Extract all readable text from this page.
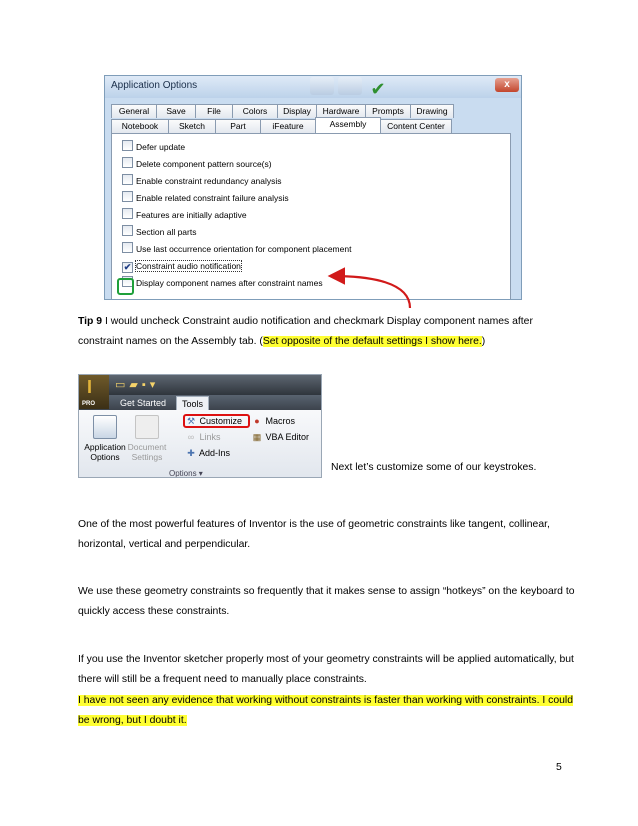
Application Options	✔	x
General	Save	File	Colors	Display	Hardware	Prompts	Drawing
Notebook	Sketch	Part	iFeature	Assembly	Content Center
Defer update
Delete component pattern source(s)
Enable constraint redundancy analysis
Enable related constraint failure analysis
Features are initially adaptive
Section all parts
Use last occurrence orientation for component placement
✔ Constraint audio notification
Display component names after constraint names
Tip 9 I would uncheck Constraint audio notification and checkmark Display component names after constraint names on the Assembly tab. (Set opposite of the default settings I show here.)
I
PRO
▭▰▪▾
Get Started	Tools
Application Options
Document Settings
⚒ Customize
∞ Links
✚ Add-Ins
● Macros
▦ VBA Editor
Options ▾
Next let’s customize some of our keystrokes.
One of the most powerful features of Inventor is the use of geometric constraints like tangent, collinear, horizontal, vertical and perpendicular.
We use these geometry constraints so frequently that it makes sense to assign “hotkeys” on the keyboard to quickly access these constraints.
If you use the Inventor sketcher properly most of your geometry constraints will be applied automatically, but there will still be a frequent need to manually place constraints.
I have not seen any evidence that working without constraints is faster than working with constraints. I could be wrong, but I doubt it.
5
